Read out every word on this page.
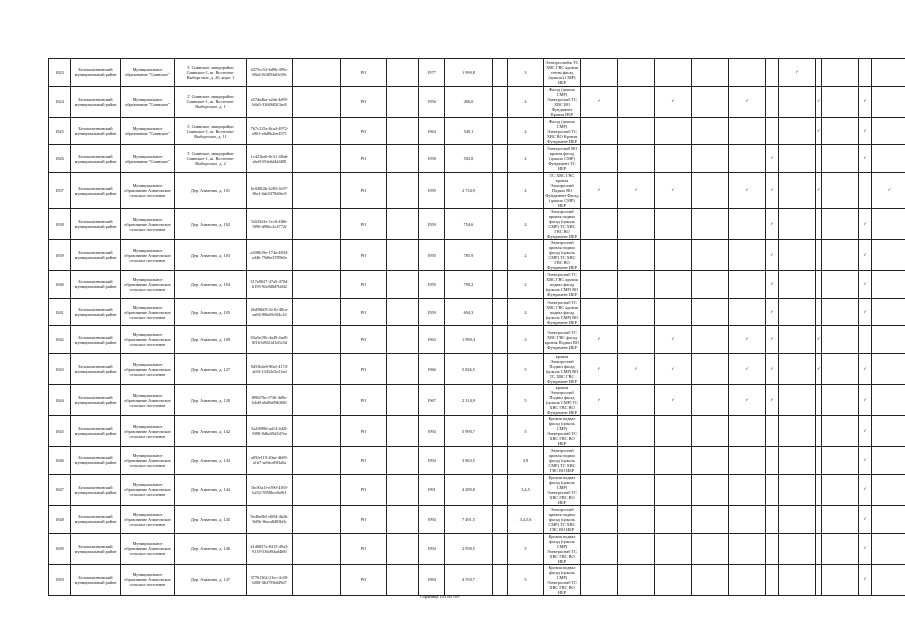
1823	Белокалитвинский муниципальный район	Муниципальное образование "Сиинское"	Г. Сиинское, микрорайон Сиинское-1, ш. Восточно-Выборгское, д. 20, корп. 1	4475cc52-6d9b-495c-88a2-0f4054d0e39c		РО		1977	1 999,8		3	Электроснабж ТС ХВС ГВС кровля стены фасад (цоколь) СМР) ИБР							✓							
1824	Белокалитвинский муниципальный район	Муниципальное образование "Сиинское"	Г. Сиинское, микрорайон Сиинское-1, ш. Восточно-Выборгское, д. 1	a57da4ba-a2ab-4d95-b8a5-3368682f3ac8		РО		1956	496,0		2	Фасад (цоколь СМР) Электроснаб ТС ХВС ВО Фундамент Кровля ИБР	✓		✓		✓			✓		✓				
1825	Белокалитвинский муниципальный район	Муниципальное образование "Сиинское"	Г. Сиинское, микрорайон Сиинское-1, ш. Восточно-Выборгское, д. 11	7b7c215a-8ca4-4972-a961-e6d8b2ee4571		РО		1964	540,1		2	Фасад (цоколь СМР) Электроснаб ТС ХВС ВО Кровля Фундамент ИБР								✓		✓				
1826	Белокалитвинский муниципальный район	Муниципальное образование "Сиинское"	Г. Сиинское, микрорайон Сиинское-1, ш. Восточно-Выборгское, д. 2	1c421ba6-8c31-48ab-aba9-05fe6d4d4f08		РО		1958	502,8		2	Электроснаб ВО кровля фасад (цоколь СМР) Фундамент ТС ИБР						✓				✓				
1837	Белокалитвинский муниципальный район	Муниципальное образование Азиатовское сельское поселение	Дер. Азиатово, д. 101	6c048f2b-4283-4c97-8bcf-4ab3378d8ec9		РО		1959	2 734,9		4	ТС ХВС ГВС кровля Электроснаб Подвал ВО Фундамент Фасад (цоколь СМР) ИБР	✓	✓	✓		✓	✓		✓			✓			
1838	Белокалитвинский муниципальный район	Муниципальное образование Азиатовское сельское поселение	Дер. Азиатово, д. 102	5d2f5d1e-1cc6-4f0b-9f96-d96bc2c4772f		РО		1959	754,6		2	Электроснаб кровля подвал фасад (цоколь СМР) ТС ХВС ГВС ВО Фундамент ИБР						✓				✓				
1839	Белокалитвинский муниципальный район	Муниципальное образование Азиатовское сельское поселение	Дер. Азиатово, д. 103	a308b19e-174a-4834-a44b-79d6e3789b5e		РО		1950	785,9		2	Электроснаб кровля подвал фасад (цоколь СМР) ТС ХВС ГВС ВО Фундамент ИБР						✓				✓				
1840	Белокалитвинский муниципальный район	Муниципальное образование Азиатовское сельское поселение	Дер. Азиатово, д. 104	317e8027-47a5-470d-b195-9fa9d8d7b842		РО		1959	798,2		2	Электроснаб ТС ХВС ГВС кровля подвал фасад (цоколь СМР) ВО Фундамент ИБР						✓				✓				
1841	Белокалитвинский муниципальный район	Муниципальное образование Азиатовское сельское поселение	Дер. Азиатово, д. 105	26d58b05-5e1b-48ca-aa04-86bd9c0f4c1d		РО		1959	694,3		2	Электроснаб ТС ХВС ГВС кровля подвал фасад (цоколь СМР) ВО Фундамент ИБР						✓				✓				
1842	Белокалитвинский муниципальный район	Муниципальное образование Азиатовское сельское поселение	Дер. Азиатово, д. 109	03a5e19b-4a49-4ad5-8f16-b8021d1d3c5d		РО		1963	1 989,4		3	Электроснаб ТС ХВС ГВС фасад кровля Подвал ВО Фундамент ИБР	✓		✓		✓	✓		✓						
1843	Белокалитвинский муниципальный район	Муниципальное образование Азиатовское сельское поселение	Дер. Азиатово, д. 127	0d53b4e6-80af-4174-a03f-13452e5e21ed		РО		1966	5 826,5		5	кровля Электроснаб Подвал фасад (цоколь СМР) ВО ТС ХВС ГВС Фундамент ИБР	✓	✓	✓		✓	✓		✓		✓				
1844	Белокалитвинский муниципальный район	Муниципальное образование Азиатовское сельское поселение	Дер. Азиатово, д. 128	f896f7bc-f736-4d9e-b4d0-a6d8a09b368f		РО		1967	2 314,9		5	кровля Электроснаб Подвал фасад (цоколь СМР) ТС ХВС ГВС ВО Фундамент ИБР	✓		✓		✓	✓				✓				
1845	Белокалитвинский муниципальный район	Муниципальное образование Азиатовское сельское поселение	Дер. Азиатово, д. 142	5a2f0986-ad14-4d2f-8f98-8d6a39d347ea		РО		1994	5 990,7		5	Кровля подвал фасад (цоколь СМР) Электроснаб ТС ХВС ГВС ВО ИБР										✓				
1846	Белокалитвинский муниципальный район	Муниципальное образование Азиатовское сельское поселение	Дер. Азиатово, д. 143	a05fe119-20ae-4b08-a1b7-ae9acd9f3a0a		РО		1994	3 863,5		3,9	Электроснаб кровля подвал фасад (цоколь СМР) ТС ХВС ГВС ВО ИБР										✓				
1847	Белокалитвинский муниципальный район	Муниципальное образование Азиатовское сельское поселение	Дер. Азиатово, д. 144	1bc83a1f-e590-4165-b252-5958bce0a9f1		РО		1991	4 289,8		3,4,5	Кровля подвал фасад (цоколь СМР) Электроснаб ТС ХВС ГВС ВО ИБР										✓				
1848	Белокалитвинский муниципальный район	Муниципальное образование Азиатовское сельское поселение	Дер. Азиатово, д. 145	5ed6e0b5-d05d-4b2b-8d5b-f6aca8d83b0c		РО		1994	7 491,5		3,4,5,6	Электроснаб кровля подвал фасад (цоколь СМР) ТС ХВС ГВС ВО ИБР										✓				
1849	Белокалитвинский муниципальный район	Муниципальное образование Азиатовское сельское поселение	Дер. Азиатово, д. 146	41d6857a-8415-49a3-9118-536d94ad4b8f		РО		1994	2 958,5		5	Кровля подвал фасад (цоколь СМР) Электроснаб ТС ХВС ГВС ВО ИБР										✓				
1850	Белокалитвинский муниципальный район	Муниципальное образование Азиатовское сельское поселение	Дер. Азиатово, д. 147	37761362-21ec-4c50-b88f-4b3793b6f9d7		РО		1984	4 550,7		5	Кровля подвал фасад (цоколь СМР) Электроснаб ТС ХВС ГВС ВО ИБР										✓				
Страница 103 из 109
